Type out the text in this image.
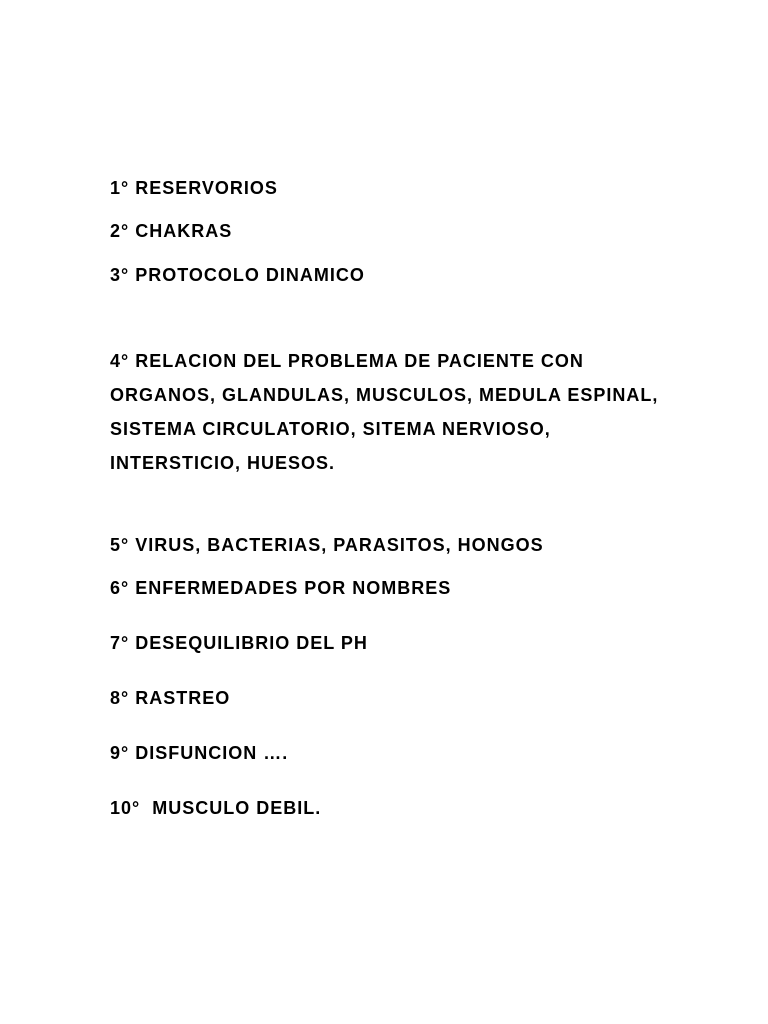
1° RESERVORIOS

2° CHAKRAS

3° PROTOCOLO DINAMICO

4° RELACION DEL PROBLEMA DE PACIENTE CON ORGANOS, GLANDULAS, MUSCULOS, MEDULA ESPINAL, SISTEMA CIRCULATORIO, SITEMA NERVIOSO, INTERSTICIO, HUESOS.

5° VIRUS, BACTERIAS, PARASITOS, HONGOS

6° ENFERMEDADES POR NOMBRES

7° DESEQUILIBRIO DEL PH

8° RASTREO

9° DISFUNCION ….

10°  MUSCULO DEBIL.
